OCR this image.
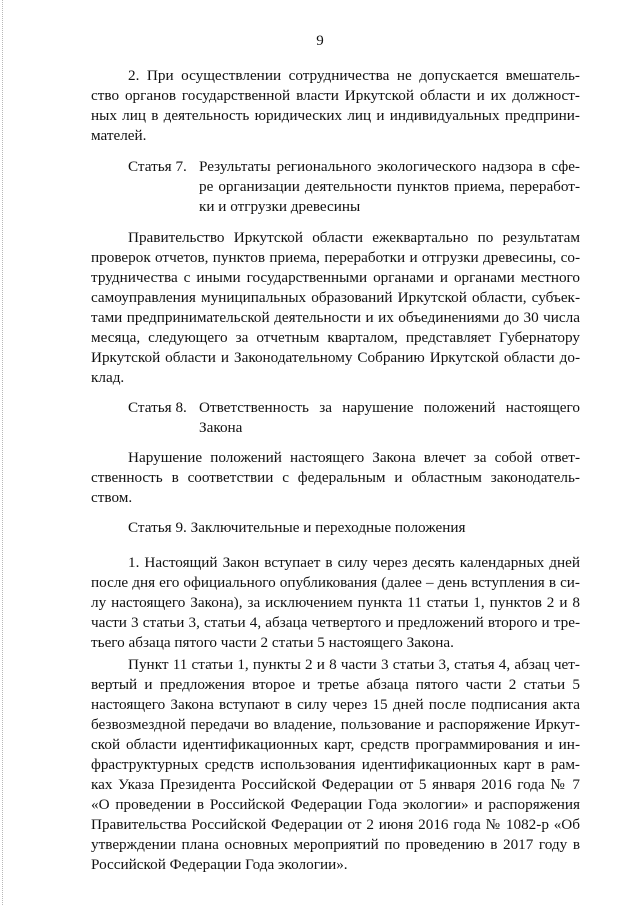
9
2. При осуществлении сотрудничества не допускается вмешатель-
ство органов государственной власти Иркутской области и их должност-
ных лиц в деятельность юридических лиц и индивидуальных предприни-
мателей.
Статья 7. Результаты регионального экологического надзора в сфе-
ре организации деятельности пунктов приема, переработ-
ки и отгрузки древесины
Правительство Иркутской области ежеквартально по результатам
проверок отчетов, пунктов приема, переработки и отгрузки древесины, со-
трудничества с иными государственными органами и органами местного
самоуправления муниципальных образований Иркутской области, субъек-
тами предпринимательской деятельности и их объединениями до 30 числа
месяца, следующего за отчетным кварталом, представляет Губернатору
Иркутской области и Законодательному Собранию Иркутской области до-
клад.
Статья 8. Ответственность за нарушение положений настоящего
Закона
Нарушение положений настоящего Закона влечет за собой ответ-
ственность в соответствии с федеральным и областным законодатель-
ством.
Статья 9. Заключительные и переходные положения
1. Настоящий Закон вступает в силу через десять календарных дней
после дня его официального опубликования (далее – день вступления в си-
лу настоящего Закона), за исключением пункта 11 статьи 1, пунктов 2 и 8
части 3 статьи 3, статьи 4, абзаца четвертого и предложений второго и тре-
тьего абзаца пятого части 2 статьи 5 настоящего Закона.
Пункт 11 статьи 1, пункты 2 и 8 части 3 статьи 3, статья 4, абзац чет-
вертый и предложения второе и третье абзаца пятого части 2 статьи 5
настоящего Закона вступают в силу через 15 дней после подписания акта
безвозмездной передачи во владение, пользование и распоряжение Иркут-
ской области идентификационных карт, средств программирования и ин-
фраструктурных средств использования идентификационных карт в рам-
ках Указа Президента Российской Федерации от 5 января 2016 года № 7
«О проведении в Российской Федерации Года экологии» и распоряжения
Правительства Российской Федерации от 2 июня 2016 года № 1082-р «Об
утверждении плана основных мероприятий по проведению в 2017 году в
Российской Федерации Года экологии».
